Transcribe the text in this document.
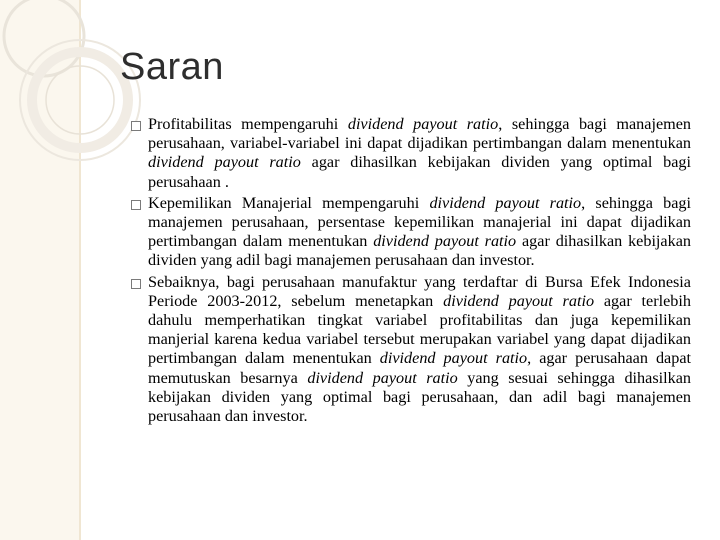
Saran

Profitabilitas mempengaruhi dividend payout ratio, sehingga bagi manajemen perusahaan, variabel-variabel ini dapat dijadikan pertimbangan dalam menentukan dividend payout ratio agar dihasilkan kebijakan dividen yang optimal bagi perusahaan .

Kepemilikan Manajerial mempengaruhi dividend payout ratio, sehingga bagi manajemen perusahaan, persentase kepemilikan manajerial ini dapat dijadikan pertimbangan dalam menentukan dividend payout ratio agar dihasilkan kebijakan dividen yang adil bagi manajemen perusahaan dan investor.

Sebaiknya, bagi perusahaan manufaktur yang terdaftar di Bursa Efek Indonesia Periode 2003-2012, sebelum menetapkan dividend payout ratio agar terlebih dahulu memperhatikan tingkat variabel profitabilitas dan juga kepemilikan manjerial karena kedua variabel tersebut merupakan variabel yang dapat dijadikan pertimbangan dalam menentukan dividend payout ratio, agar perusahaan dapat memutuskan besarnya dividend payout ratio yang sesuai sehingga dihasilkan kebijakan dividen yang optimal bagi perusahaan, dan adil bagi manajemen perusahaan dan investor.
